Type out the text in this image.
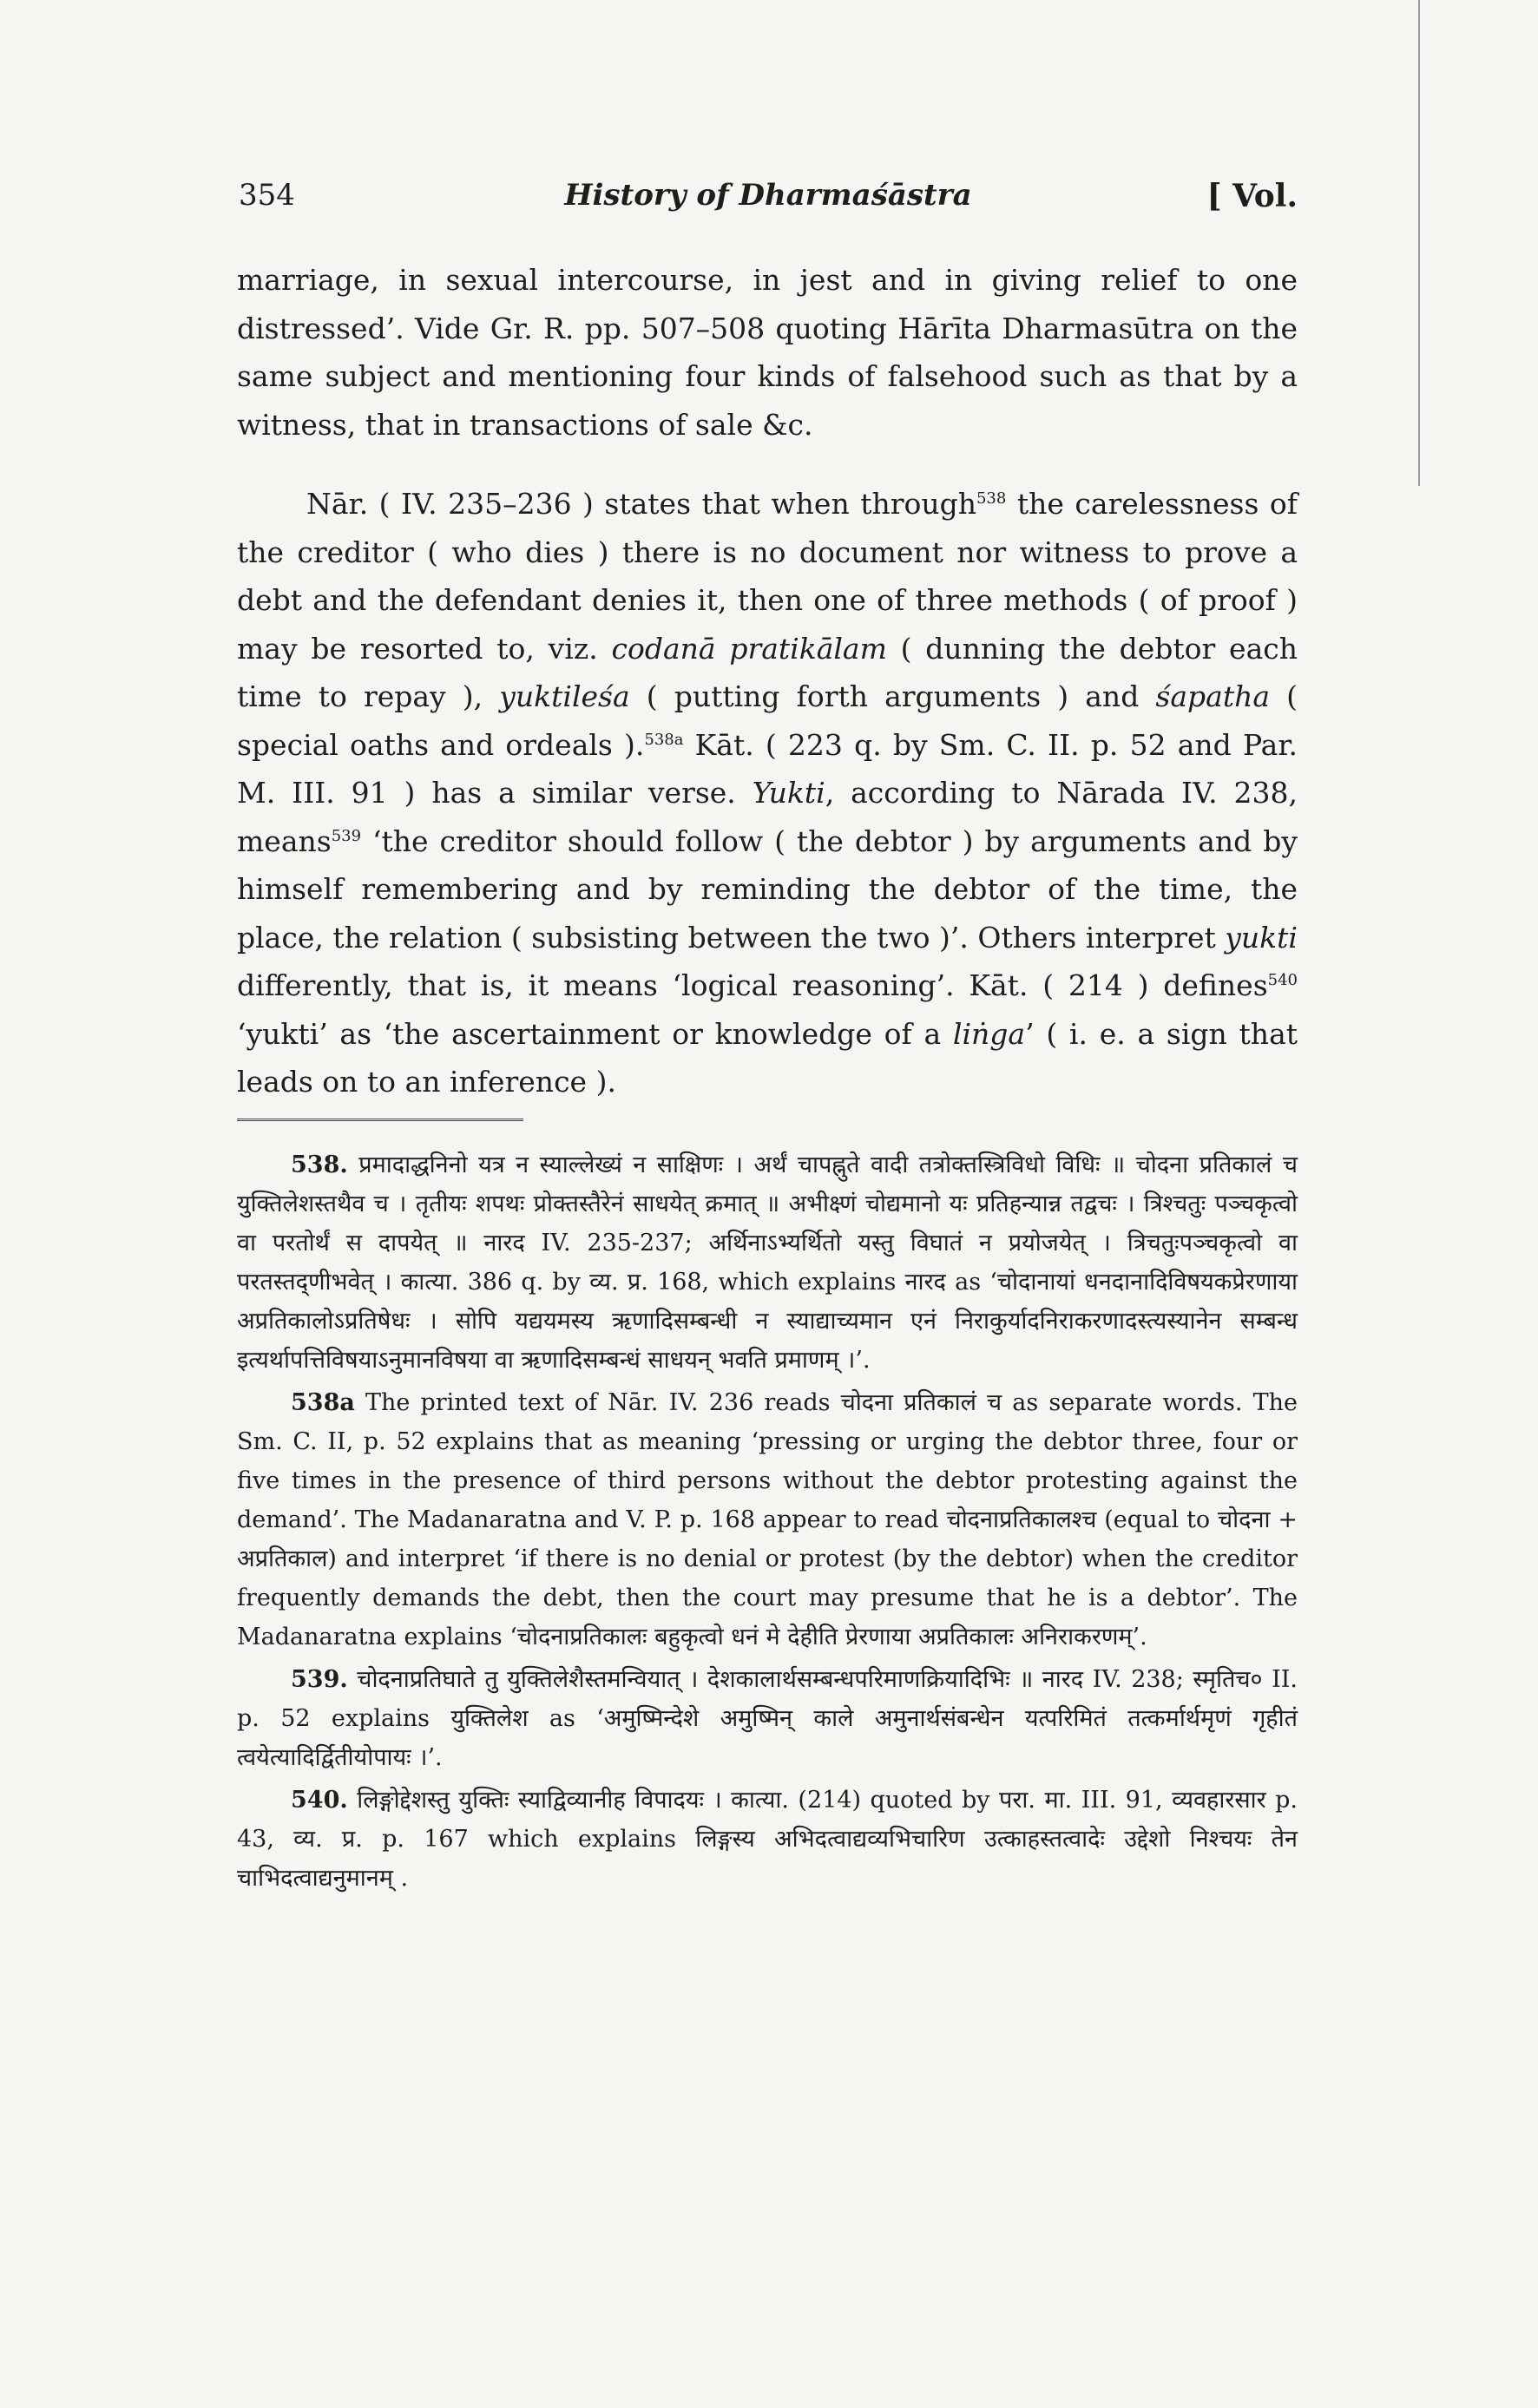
354	History of Dharmaśāstra	[ Vol.

marriage, in sexual intercourse, in jest and in giving relief to one distressed’. Vide Gr. R. pp. 507–508 quoting Hārīta Dharmasūtra on the same subject and mentioning four kinds of falsehood such as that by a witness, that in transactions of sale &c.

Nār. ( IV. 235–236 ) states that when through$^{538}$ the carelessness of the creditor ( who dies ) there is no document nor witness to prove a debt and the defendant denies it, then one of three methods ( of proof ) may be resorted to, viz. codanā pratikālam ( dunning the debtor each time to repay ), yuktileśa ( putting forth arguments ) and śapatha ( special oaths and ordeals ).$^{538a}$ Kāt. ( 223 q. by Sm. C. II. p. 52 and Par. M. III. 91 ) has a similar verse. Yukti, according to Nārada IV. 238, means$^{539}$ ‘the creditor should follow ( the debtor ) by arguments and by himself remembering and by reminding the debtor of the time, the place, the relation ( subsisting between the two )’. Others interpret yukti differently, that is, it means ‘logical reasoning’. Kāt. ( 214 ) defines$^{540}$ ‘yukti’ as ‘the ascertainment or knowledge of a liṅga’ ( i. e. a sign that leads on to an inference ).

538. प्रमादाद्धनिनो यत्र न स्याल्लेख्यं न साक्षिणः । अर्थं चापह्नुते वादी तत्रोक्तस्त्रिविधो विधिः ॥ चोदना प्रतिकालं च युक्तिलेशस्तथैव च । तृतीयः शपथः प्रोक्तस्तैरेनं साधयेत् क्रमात् ॥ अभीक्ष्णं चोद्यमानो यः प्रतिहन्यान्न तद्वचः । त्रिश्चतुः पञ्चकृत्वो वा परतोर्थं स दापयेत् ॥ नारद IV. 235-237; अर्थिनाऽभ्यर्थितो यस्तु विघातं न प्रयोजयेत् । त्रिचतुःपञ्चकृत्वो वा परतस्तद्‌णीभवेत् । कात्या. 386 q. by व्य. प्र. 168, which explains नारद as ‘चोदानायां धनदानादिविषयकप्रेरणाया अप्रतिकालोऽप्रतिषेधः । सोपि यद्ययमस्य ऋणादिसम्बन्धी न स्याद्याच्यमान एनं निराकुर्यादनिराकरणादस्त्यस्यानेन सम्बन्ध इत्यर्थापत्तिविषयाऽनुमानविषया वा ऋणादिसम्बन्धं साधयन् भवति प्रमाणम् ।’.

538a The printed text of Nār. IV. 236 reads चोदना प्रतिकालं च as separate words. The Sm. C. II, p. 52 explains that as meaning ‘pressing or urging the debtor three, four or five times in the presence of third persons without the debtor protesting against the demand’. The Madanaratna and V. P. p. 168 appear to read चोदनाप्रतिकालश्च (equal to चोदना + अप्रतिकाल) and interpret ‘if there is no denial or protest (by the debtor) when the creditor frequently demands the debt, then the court may presume that he is a debtor’. The Madanaratna explains ‘चोदनाप्रतिकालः बहुकृत्वो धनं मे देहीति प्रेरणाया अप्रतिकालः अनिराकरणम्’.

539. चोदनाप्रतिघाते तु युक्तिलेशैस्तमन्वियात् । देशकालार्थसम्बन्धपरिमाणक्रियादिभिः ॥ नारद IV. 238; स्मृतिच० II. p. 52 explains युक्तिलेश as ‘अमुष्मिन्देशे अमुष्मिन् काले अमुनार्थसंबन्धेन यत्परिमितं तत्कर्मार्थमृणं गृहीतं त्वयेत्यादिर्द्वितीयोपायः ।’.

540. लिङ्गोद्देशस्तु युक्तिः स्याद्विव्यानीह विपादयः । कात्या. (214) quoted by परा. मा. III. 91, व्यवहारसार p. 43, व्य. प्र. p. 167 which explains लिङ्गस्य अभिदत्वाद्यव्यभिचारिण उत्काहस्तत्वादेः उद्देशो निश्चयः तेन चाभिदत्वाद्यनुमानम् .
